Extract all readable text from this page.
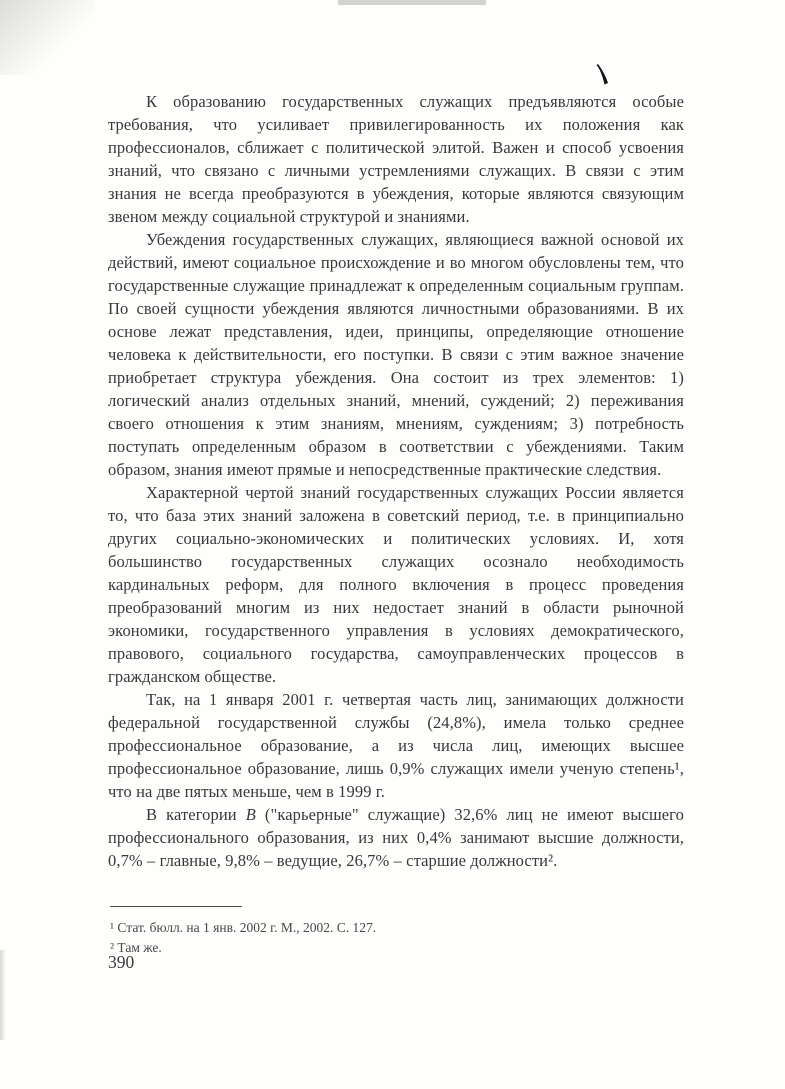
К образованию государственных служащих предъявляются особые требования, что усиливает привилегированность их положения как профессионалов, сближает с политической элитой. Важен и способ усвоения знаний, что связано с личными устремлениями служащих. В связи с этим знания не всегда преобразуются в убеждения, которые являются связующим звеном между социальной структурой и знаниями.

Убеждения государственных служащих, являющиеся важной основой их действий, имеют социальное происхождение и во многом обусловлены тем, что государственные служащие принадлежат к определенным социальным группам. По своей сущности убеждения являются личностными образованиями. В их основе лежат представления, идеи, принципы, определяющие отношение человека к действительности, его поступки. В связи с этим важное значение приобретает структура убеждения. Она состоит из трех элементов: 1) логический анализ отдельных знаний, мнений, суждений; 2) переживания своего отношения к этим знаниям, мнениям, суждениям; 3) потребность поступать определенным образом в соответствии с убеждениями. Таким образом, знания имеют прямые и непосредственные практические следствия.

Характерной чертой знаний государственных служащих России является то, что база этих знаний заложена в советский период, т.е. в принципиально других социально-экономических и политических условиях. И, хотя большинство государственных служащих осознало необходимость кардинальных реформ, для полного включения в процесс проведения преобразований многим из них недостает знаний в области рыночной экономики, государственного управления в условиях демократического, правового, социального государства, самоуправленческих процессов в гражданском обществе.

Так, на 1 января 2001 г. четвертая часть лиц, занимающих должности федеральной государственной службы (24,8%), имела только среднее профессиональное образование, а из числа лиц, имеющих высшее профессиональное образование, лишь 0,9% служащих имели ученую степень¹, что на две пятых меньше, чем в 1999 г.

В категории В ("карьерные" служащие) 32,6% лиц не имеют высшего профессионального образования, из них 0,4% занимают высшие должности, 0,7% – главные, 9,8% – ведущие, 26,7% – старшие должности².

¹ Стат. бюлл. на 1 янв. 2002 г. М., 2002. С. 127.

² Там же.

390
